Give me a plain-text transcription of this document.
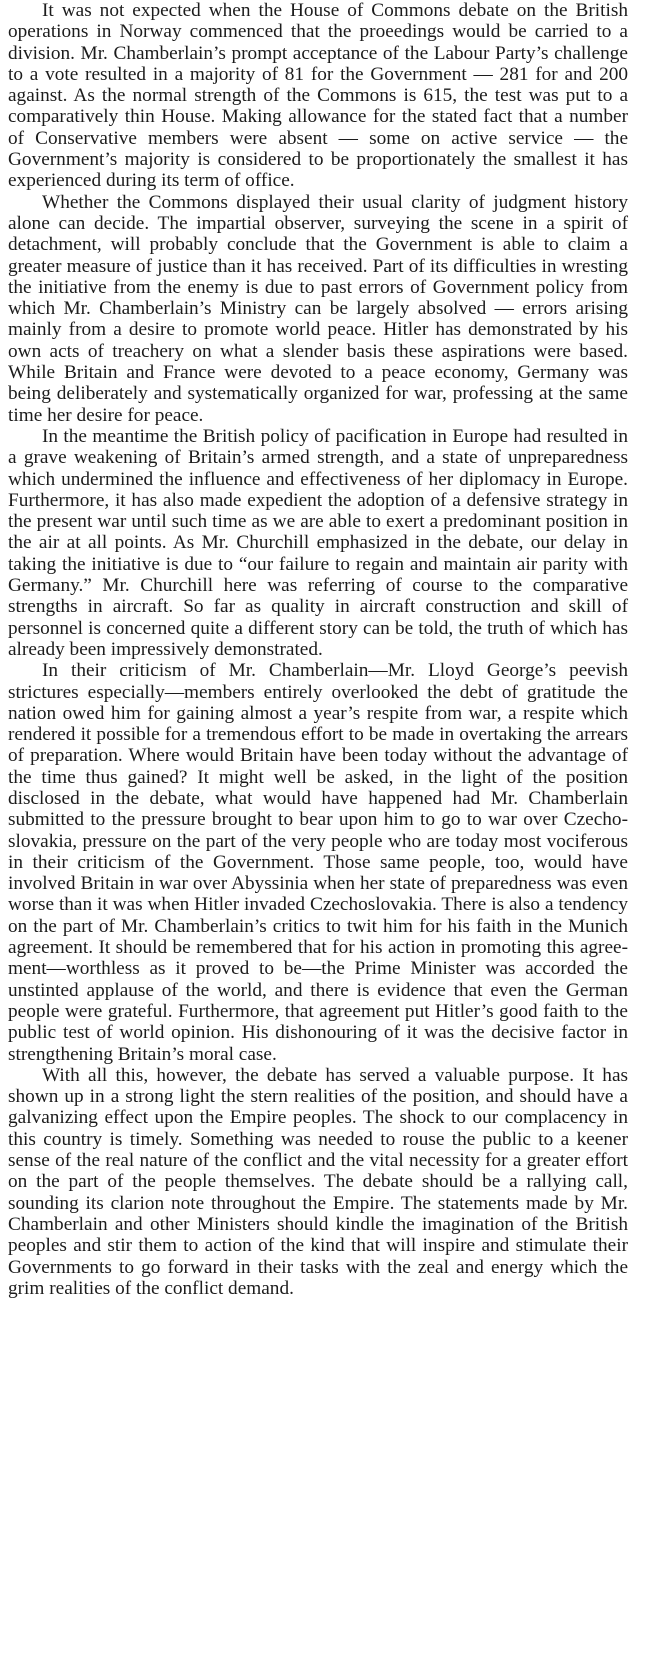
It was not expected when the House of Commons debate on the British operations in Norway commenced that the proeedings would be carried to a division. Mr. Chamberlain’s prompt acceptance of the Labour Party’s challenge to a vote resulted in a majority of 81 for the Government — 281 for and 200 against. As the normal strength of the Commons is 615, the test was put to a comparatively thin House. Making allowance for the stated fact that a number of Conservative members were absent — some on active service — the Government’s majority is considered to be proportionately the smallest it has experienced during its term of office.

Whether the Commons displayed their usual clarity of judgment history alone can decide. The impartial observer, surveying the scene in a spirit of detachment, will probably conclude that the Government is able to claim a greater measure of justice than it has received. Part of its difficulties in wresting the initiative from the enemy is due to past errors of Government policy from which Mr. Chamberlain’s Ministry can be largely absolved — errors arising mainly from a desire to promote world peace. Hitler has demonstrated by his own acts of treachery on what a slender basis these aspirations were based. While Britain and France were devoted to a peace economy, Germany was being deliberately and systematically organized for war, professing at the same time her desire for peace.

In the meantime the British policy of pacification in Europe had resulted in a grave weakening of Britain’s armed strength, and a state of unpreparedness which undermined the influence and effectiveness of her diplomacy in Europe. Furthermore, it has also made expedient the adoption of a defensive strategy in the present war until such time as we are able to exert a predominant position in the air at all points. As Mr. Churchill emphasized in the debate, our delay in taking the initiative is due to “our failure to regain and maintain air parity with Germany.” Mr. Churchill here was referring of course to the comparative strengths in aircraft. So far as quality in aircraft construction and skill of personnel is concerned quite a different story can be told, the truth of which has already been impressively demonstrated.

In their criticism of Mr. Chamberlain—Mr. Lloyd George’s peevish strictures especially—members entirely overlooked the debt of gratitude the nation owed him for gaining almost a year’s respite from war, a respite which rendered it possible for a tremendous effort to be made in overtaking the arrears of preparation. Where would Britain have been today without the advantage of the time thus gained? It might well be asked, in the light of the position disclosed in the debate, what would have happened had Mr. Chamberlain submitted to the pressure brought to bear upon him to go to war over Czechoslovakia, pressure on the part of the very people who are today most vociferous in their criticism of the Government. Those same people, too, would have involved Britain in war over Abyssinia when her state of preparedness was even worse than it was when Hitler invaded Czechoslovakia. There is also a tendency on the part of Mr. Chamberlain’s critics to twit him for his faith in the Munich agreement. It should be remembered that for his action in promoting this agreement—worthless as it proved to be—the Prime Minister was accorded the unstinted applause of the world, and there is evidence that even the German people were grateful. Furthermore, that agreement put Hitler’s good faith to the public test of world opinion. His dishonouring of it was the decisive factor in strengthening Britain’s moral case.

With all this, however, the debate has served a valuable purpose. It has shown up in a strong light the stern realities of the position, and should have a galvanizing effect upon the Empire peoples. The shock to our complacency in this country is timely. Something was needed to rouse the public to a keener sense of the real nature of the conflict and the vital necessity for a greater effort on the part of the people themselves. The debate should be a rallying call, sounding its clarion note throughout the Empire. The statements made by Mr. Chamberlain and other Ministers should kindle the imagination of the British peoples and stir them to action of the kind that will inspire and stimulate their Governments to go forward in their tasks with the zeal and energy which the grim realities of the conflict demand.
